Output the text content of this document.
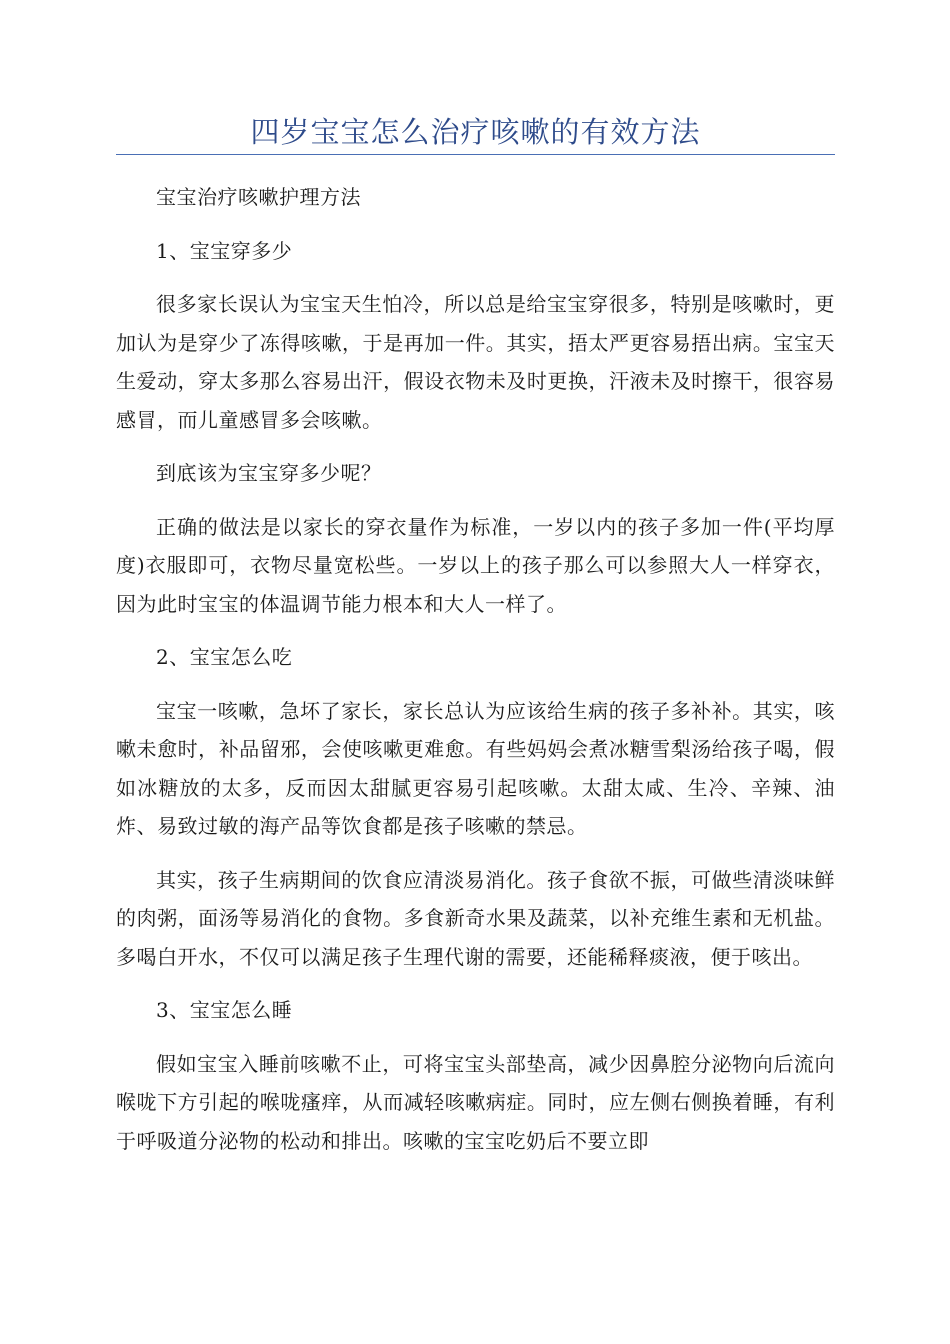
四岁宝宝怎么治疗咳嗽的有效方法

宝宝治疗咳嗽护理方法

1、宝宝穿多少

很多家长误认为宝宝天生怕冷，所以总是给宝宝穿很多，特别是咳嗽时，更加认为是穿少了冻得咳嗽，于是再加一件。其实，捂太严更容易捂出病。宝宝天生爱动，穿太多那么容易出汗，假设衣物未及时更换，汗液未及时擦干，很容易感冒，而儿童感冒多会咳嗽。

到底该为宝宝穿多少呢？

正确的做法是以家长的穿衣量作为标准，一岁以内的孩子多加一件(平均厚度)衣服即可，衣物尽量宽松些。一岁以上的孩子那么可以参照大人一样穿衣，因为此时宝宝的体温调节能力根本和大人一样了。

2、宝宝怎么吃

宝宝一咳嗽，急坏了家长，家长总认为应该给生病的孩子多补补。其实，咳嗽未愈时，补品留邪，会使咳嗽更难愈。有些妈妈会煮冰糖雪梨汤给孩子喝，假如冰糖放的太多，反而因太甜腻更容易引起咳嗽。太甜太咸、生冷、辛辣、油炸、易致过敏的海产品等饮食都是孩子咳嗽的禁忌。

其实，孩子生病期间的饮食应清淡易消化。孩子食欲不振，可做些清淡味鲜的肉粥，面汤等易消化的食物。多食新奇水果及蔬菜，以补充维生素和无机盐。多喝白开水，不仅可以满足孩子生理代谢的需要，还能稀释痰液，便于咳出。

3、宝宝怎么睡

假如宝宝入睡前咳嗽不止，可将宝宝头部垫高，减少因鼻腔分泌物向后流向喉咙下方引起的喉咙瘙痒，从而减轻咳嗽病症。同时，应左侧右侧换着睡，有利于呼吸道分泌物的松动和排出。咳嗽的宝宝吃奶后不要立即
